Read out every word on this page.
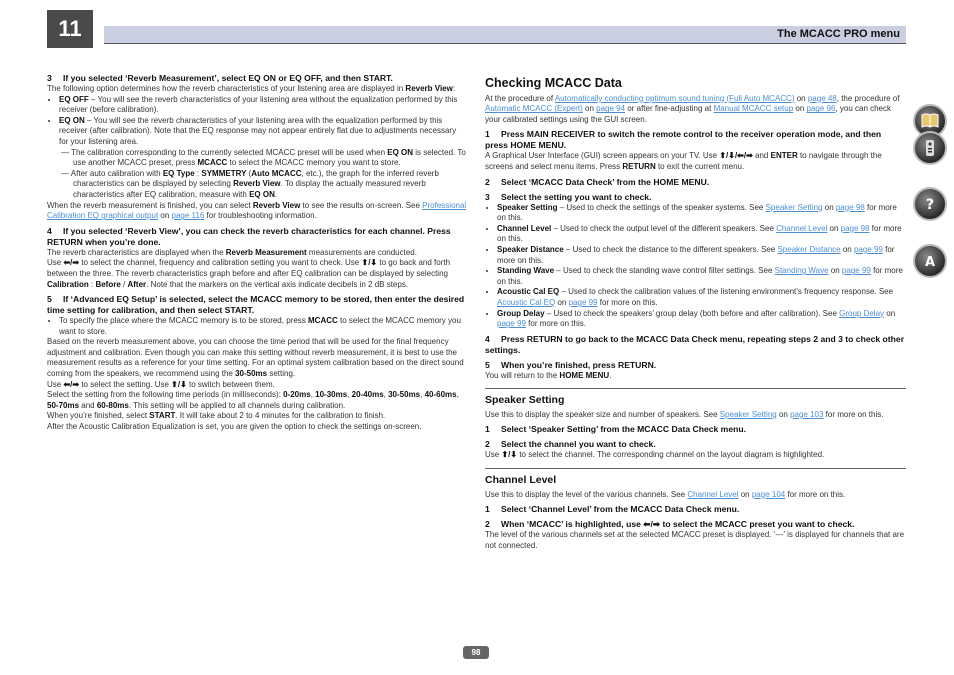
11	The MCACC PRO menu
3 If you selected ‘Reverb Measurement’, select EQ ON or EQ OFF, and then START.

The following option determines how the reverb characteristics of your listening area are displayed in Reverb View:

• EQ OFF – You will see the reverb characteristics of your listening area without the equalization performed by this receiver (before calibration).
• EQ ON – You will see the reverb characteristics of your listening area with the equalization performed by this receiver (after calibration). Note that the EQ response may not appear entirely flat due to adjustments necessary for your listening area.
— The calibration corresponding to the currently selected MCACC preset will be used when EQ ON is selected. To use another MCACC preset, press MCACC to select the MCACC memory you want to store.
— After auto calibration with EQ Type : SYMMETRY (Auto MCACC, etc.), the graph for the inferred reverb characteristics can be displayed by selecting Reverb View. To display the actually measured reverb characteristics after EQ calibration, measure with EQ ON.

When the reverb measurement is finished, you can select Reverb View to see the results on-screen. See Professional Calibration EQ graphical output on page 116 for troubleshooting information.

4 If you selected ‘Reverb View’, you can check the reverb characteristics for each channel. Press RETURN when you’re done.

The reverb characteristics are displayed when the Reverb Measurement measurements are conducted.

Use ⬅/➡ to select the channel, frequency and calibration setting you want to check. Use ⬆/⬇ to go back and forth between the three. The reverb characteristics graph before and after EQ calibration can be displayed by selecting Calibration : Before / After. Note that the markers on the vertical axis indicate decibels in 2 dB steps.

5 If ‘Advanced EQ Setup’ is selected, select the MCACC memory to be stored, then enter the desired time setting for calibration, and then select START.
• To specify the place where the MCACC memory is to be stored, press MCACC to select the MCACC memory you want to store.

Based on the reverb measurement above, you can choose the time period that will be used for the final frequency adjustment and calibration. Even though you can make this setting without reverb measurement, it is best to use the measurement results as a reference for your time setting. For an optimal system calibration based on the direct sound coming from the speakers, we recommend using the 30-50ms setting.

Use ⬅/➡ to select the setting. Use ⬆/⬇ to switch between them.

Select the setting from the following time periods (in milliseconds): 0-20ms, 10-30ms, 20-40ms, 30-50ms, 40-60ms, 50-70ms and 60-80ms. This setting will be applied to all channels during calibration.

When you’re finished, select START. It will take about 2 to 4 minutes for the calibration to finish.

After the Acoustic Calibration Equalization is set, you are given the option to check the settings on-screen.

Checking MCACC Data

At the procedure of Automatically conducting optimum sound tuning (Full Auto MCACC) on page 48, the procedure of Automatic MCACC (Expert) on page 94 or after fine-adjusting at Manual MCACC setup on page 96, you can check your calibrated settings using the GUI screen.

1 Press MAIN RECEIVER to switch the remote control to the receiver operation mode, and then press HOME MENU.

A Graphical User Interface (GUI) screen appears on your TV. Use ⬆/⬇/⬅/➡ and ENTER to navigate through the screens and select menu items. Press RETURN to exit the current menu.

2 Select ‘MCACC Data Check’ from the HOME MENU.
3 Select the setting you want to check.
• Speaker Setting – Used to check the settings of the speaker systems. See Speaker Setting on page 98 for more on this.
• Channel Level – Used to check the output level of the different speakers. See Channel Level on page 98 for more on this.
• Speaker Distance – Used to check the distance to the different speakers. See Speaker Distance on page 99 for more on this.
• Standing Wave – Used to check the standing wave control filter settings. See Standing Wave on page 99 for more on this.
• Acoustic Cal EQ – Used to check the calibration values of the listening environment’s frequency response. See Acoustic Cal EQ on page 99 for more on this.
• Group Delay – Used to check the speakers’ group delay (both before and after calibration). See Group Delay on page 99 for more on this.
4 Press RETURN to go back to the MCACC Data Check menu, repeating steps 2 and 3 to check other settings.
5 When you’re finished, press RETURN.

You will return to the HOME MENU.

Speaker Setting

Use this to display the speaker size and number of speakers. See Speaker Setting on page 103 for more on this.

1 Select ‘Speaker Setting’ from the MCACC Data Check menu.
2 Select the channel you want to check.

Use ⬆/⬇ to select the channel. The corresponding channel on the layout diagram is highlighted.

Channel Level

Use this to display the level of the various channels. See Channel Level on page 104 for more on this.

1 Select ‘Channel Level’ from the MCACC Data Check menu.
2 When ‘MCACC’ is highlighted, use ⬅/➡ to select the MCACC preset you want to check.

The level of the various channels set at the selected MCACC preset is displayed. ‘---’ is displayed for channels that are not connected.

98
?
A
